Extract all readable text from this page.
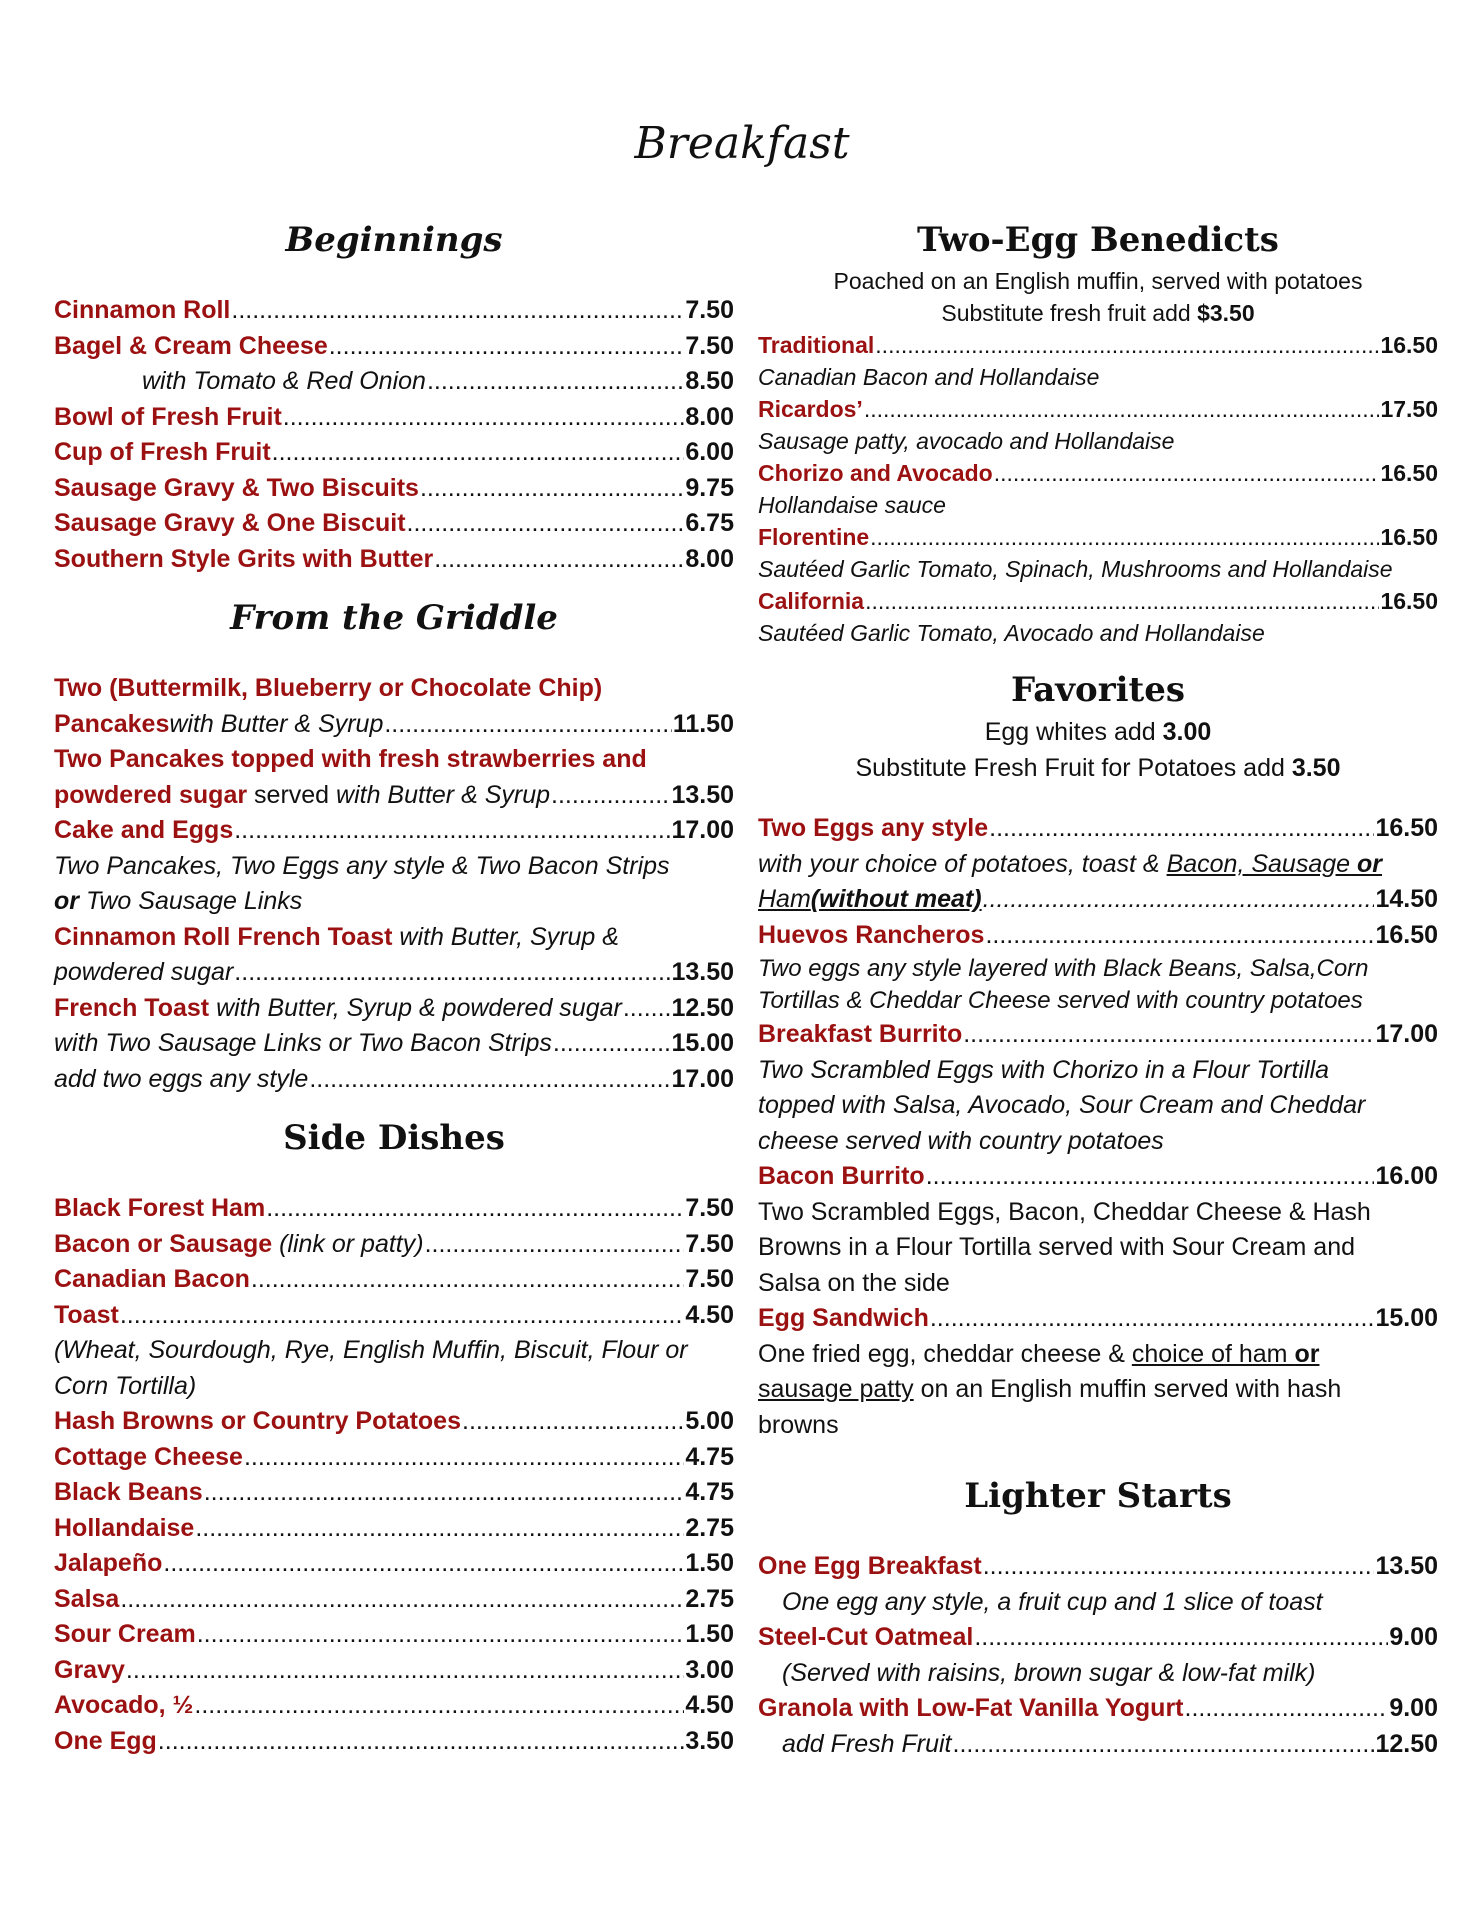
Breakfast
Beginnings
Cinnamon Roll .....	7.50
Bagel & Cream Cheese .....	7.50
with Tomato & Red Onion .....	8.50
Bowl of Fresh Fruit .....	8.00
Cup of Fresh Fruit .....	6.00
Sausage Gravy & Two Biscuits .....	9.75
Sausage Gravy & One Biscuit .....	6.75
Southern Style Grits with Butter .....	8.00
From the Griddle
Two (Buttermilk, Blueberry or Chocolate Chip)
Pancakes with Butter & Syrup .....	11.50
Two Pancakes topped with fresh strawberries and
powdered sugar served with Butter & Syrup .....	13.50
Cake and Eggs .....	17.00
Two Pancakes, Two Eggs any style & Two Bacon Strips
or Two Sausage Links
Cinnamon Roll French Toast with Butter, Syrup &
powdered sugar .....	13.50
French Toast with Butter, Syrup & powdered sugar ..... 12.50
with Two Sausage Links or Two Bacon Strips .....	15.00
add two eggs any style .....	17.00
Side Dishes
Black Forest Ham .....	7.50
Bacon or Sausage (link or patty) .....	7.50
Canadian Bacon .....	7.50
Toast .....	4.50
(Wheat, Sourdough, Rye, English Muffin, Biscuit, Flour or
Corn Tortilla)
Hash Browns or Country Potatoes .....	5.00
Cottage Cheese .....	4.75
Black Beans .....	4.75
Hollandaise .....	2.75
Jalapeño .....	1.50
Salsa .....	2.75
Sour Cream .....	1.50
Gravy .....	3.00
Avocado, ½ .....	4.50
One Egg .....	3.50
Two-Egg Benedicts
Poached on an English muffin, served with potatoes
Substitute fresh fruit add $3.50
Traditional .....	16.50
Canadian Bacon and Hollandaise
Ricardos’ .....	17.50
Sausage patty, avocado and Hollandaise
Chorizo and Avocado .....	16.50
Hollandaise sauce
Florentine .....	16.50
Sautéed Garlic Tomato, Spinach, Mushrooms and Hollandaise
California .....	16.50
Sautéed Garlic Tomato, Avocado and Hollandaise
Favorites
Egg whites add 3.00
Substitute Fresh Fruit for Potatoes add 3.50
Two Eggs any style .....	16.50
with your choice of potatoes, toast & Bacon, Sausage or
Ham (without meat) .....	14.50
Huevos Rancheros .....	16.50
Two eggs any style layered with Black Beans, Salsa,Corn
Tortillas & Cheddar Cheese served with country potatoes
Breakfast Burrito .....	17.00
Two Scrambled Eggs with Chorizo in a Flour Tortilla
topped with Salsa, Avocado, Sour Cream and Cheddar
cheese served with country potatoes
Bacon Burrito .....	16.00
Two Scrambled Eggs, Bacon, Cheddar Cheese & Hash
Browns in a Flour Tortilla served with Sour Cream and
Salsa on the side
Egg Sandwich .....	15.00
One fried egg, cheddar cheese & choice of ham or
sausage patty on an English muffin served with hash
browns
Lighter Starts
One Egg Breakfast .....	13.50
One egg any style, a fruit cup and 1 slice of toast
Steel-Cut Oatmeal .....	9.00
(Served with raisins, brown sugar & low-fat milk)
Granola with Low-Fat Vanilla Yogurt .....	9.00
add Fresh Fruit .....	12.50
